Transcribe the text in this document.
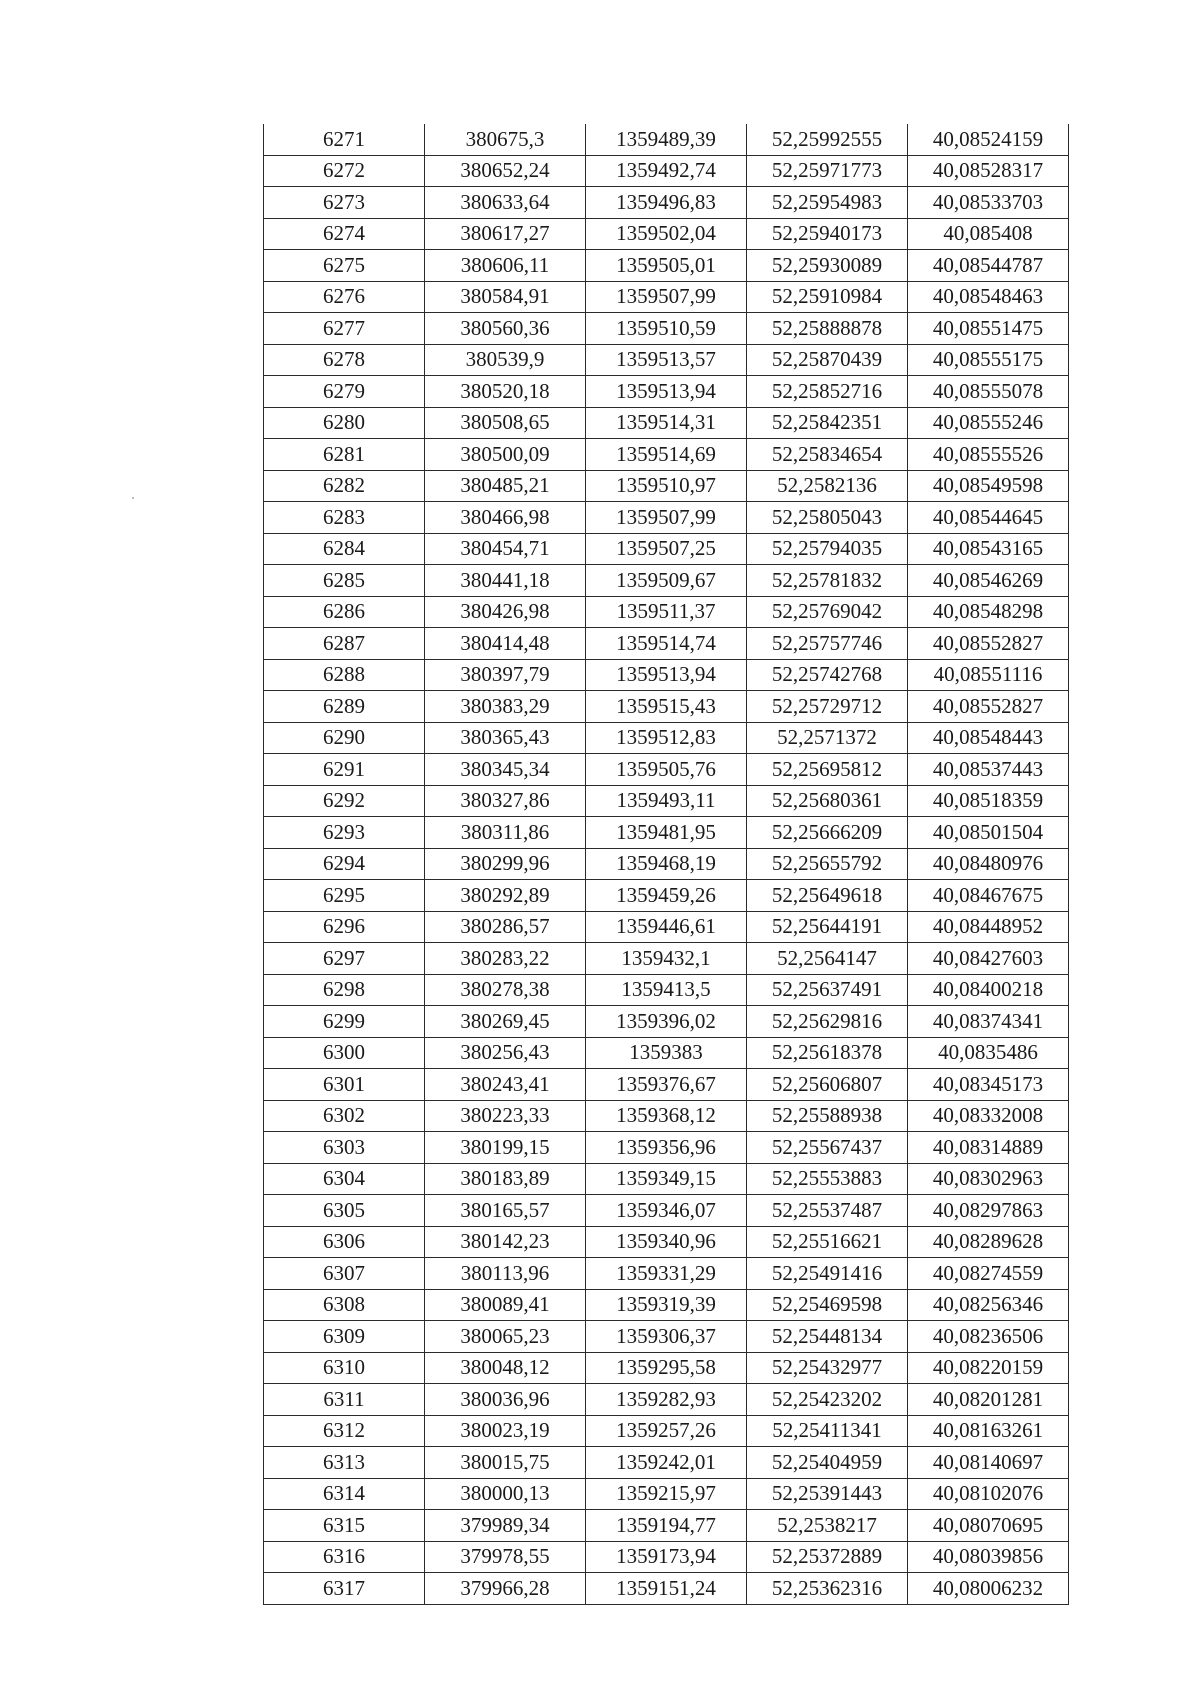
6271	380675,3	1359489,39	52,25992555	40,08524159
6272	380652,24	1359492,74	52,25971773	40,08528317
6273	380633,64	1359496,83	52,25954983	40,08533703
6274	380617,27	1359502,04	52,25940173	40,085408
6275	380606,11	1359505,01	52,25930089	40,08544787
6276	380584,91	1359507,99	52,25910984	40,08548463
6277	380560,36	1359510,59	52,25888878	40,08551475
6278	380539,9	1359513,57	52,25870439	40,08555175
6279	380520,18	1359513,94	52,25852716	40,08555078
6280	380508,65	1359514,31	52,25842351	40,08555246
6281	380500,09	1359514,69	52,25834654	40,08555526
6282	380485,21	1359510,97	52,2582136	40,08549598
6283	380466,98	1359507,99	52,25805043	40,08544645
6284	380454,71	1359507,25	52,25794035	40,08543165
6285	380441,18	1359509,67	52,25781832	40,08546269
6286	380426,98	1359511,37	52,25769042	40,08548298
6287	380414,48	1359514,74	52,25757746	40,08552827
6288	380397,79	1359513,94	52,25742768	40,08551116
6289	380383,29	1359515,43	52,25729712	40,08552827
6290	380365,43	1359512,83	52,2571372	40,08548443
6291	380345,34	1359505,76	52,25695812	40,08537443
6292	380327,86	1359493,11	52,25680361	40,08518359
6293	380311,86	1359481,95	52,25666209	40,08501504
6294	380299,96	1359468,19	52,25655792	40,08480976
6295	380292,89	1359459,26	52,25649618	40,08467675
6296	380286,57	1359446,61	52,25644191	40,08448952
6297	380283,22	1359432,1	52,2564147	40,08427603
6298	380278,38	1359413,5	52,25637491	40,08400218
6299	380269,45	1359396,02	52,25629816	40,08374341
6300	380256,43	1359383	52,25618378	40,0835486
6301	380243,41	1359376,67	52,25606807	40,08345173
6302	380223,33	1359368,12	52,25588938	40,08332008
6303	380199,15	1359356,96	52,25567437	40,08314889
6304	380183,89	1359349,15	52,25553883	40,08302963
6305	380165,57	1359346,07	52,25537487	40,08297863
6306	380142,23	1359340,96	52,25516621	40,08289628
6307	380113,96	1359331,29	52,25491416	40,08274559
6308	380089,41	1359319,39	52,25469598	40,08256346
6309	380065,23	1359306,37	52,25448134	40,08236506
6310	380048,12	1359295,58	52,25432977	40,08220159
6311	380036,96	1359282,93	52,25423202	40,08201281
6312	380023,19	1359257,26	52,25411341	40,08163261
6313	380015,75	1359242,01	52,25404959	40,08140697
6314	380000,13	1359215,97	52,25391443	40,08102076
6315	379989,34	1359194,77	52,2538217	40,08070695
6316	379978,55	1359173,94	52,25372889	40,08039856
6317	379966,28	1359151,24	52,25362316	40,08006232
